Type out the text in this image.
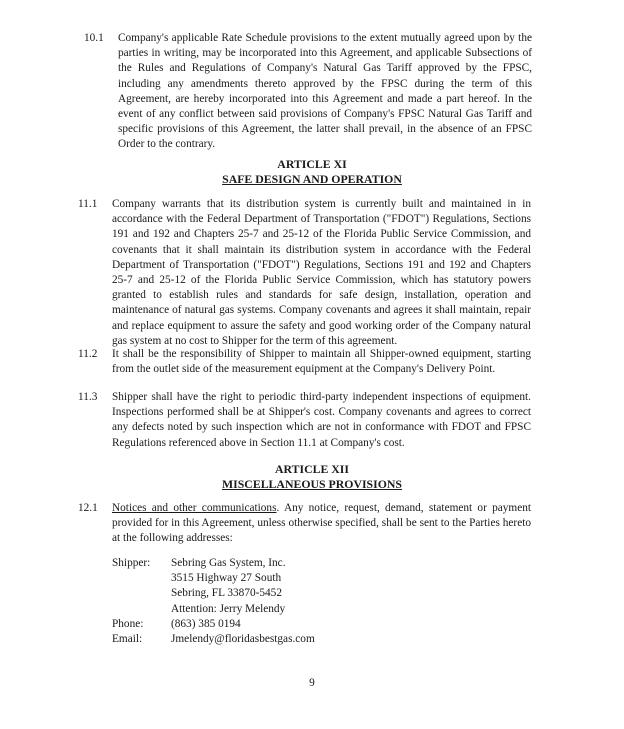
10.1 Company's applicable Rate Schedule provisions to the extent mutually agreed upon by the parties in writing, may be incorporated into this Agreement, and applicable Subsections of the Rules and Regulations of Company's Natural Gas Tariff approved by the FPSC, including any amendments thereto approved by the FPSC during the term of this Agreement, are hereby incorporated into this Agreement and made a part hereof. In the event of any conflict between said provisions of Company's FPSC Natural Gas Tariff and specific provisions of this Agreement, the latter shall prevail, in the absence of an FPSC Order to the contrary.
ARTICLE XI
SAFE DESIGN AND OPERATION
11.1 Company warrants that its distribution system is currently built and maintained in in accordance with the Federal Department of Transportation ("FDOT") Regulations, Sections 191 and 192 and Chapters 25-7 and 25-12 of the Florida Public Service Commission, and covenants that it shall maintain its distribution system in accordance with the Federal Department of Transportation ("FDOT") Regulations, Sections 191 and 192 and Chapters 25-7 and 25-12 of the Florida Public Service Commission, which has statutory powers granted to establish rules and standards for safe design, installation, operation and maintenance of natural gas systems. Company covenants and agrees it shall maintain, repair and replace equipment to assure the safety and good working order of the Company natural gas system at no cost to Shipper for the term of this agreement.
11.2 It shall be the responsibility of Shipper to maintain all Shipper-owned equipment, starting from the outlet side of the measurement equipment at the Company's Delivery Point.
11.3 Shipper shall have the right to periodic third-party independent inspections of equipment. Inspections performed shall be at Shipper's cost. Company covenants and agrees to correct any defects noted by such inspection which are not in conformance with FDOT and FPSC Regulations referenced above in Section 11.1 at Company's cost.
ARTICLE XII
MISCELLANEOUS PROVISIONS
12.1 Notices and other communications. Any notice, request, demand, statement or payment provided for in this Agreement, unless otherwise specified, shall be sent to the Parties hereto at the following addresses:
Shipper:	Sebring Gas System, Inc.
3515 Highway 27 South
Sebring, FL 33870-5452
Attention: Jerry Melendy
Phone:	(863) 385 0194
Email:	Jmelendy@floridasbestgas.com
9
